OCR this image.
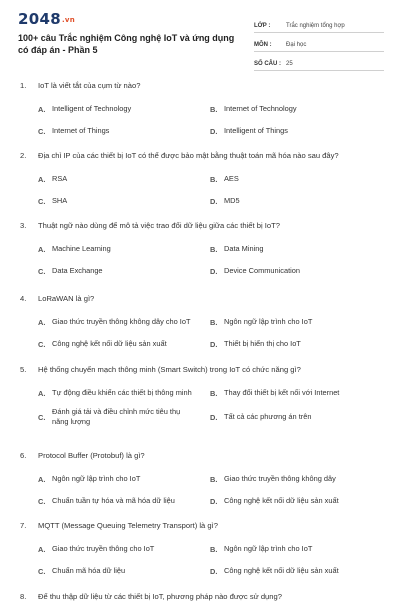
2048.vn
100+ câu Trắc nghiệm Công nghệ IoT và ứng dụng có đáp án - Phần 5
LỚP :	Trắc nghiệm tổng hợp
MÔN :	Đại học
SỐ CÂU : 25
1.	IoT là viết tắt của cụm từ nào?
A. Intelligent of Technology	B. Internet of Technology
C. Internet of Things	D. Intelligent of Things
2.	Địa chỉ IP của các thiết bị IoT có thể được bảo mật bằng thuật toán mã hóa nào sau đây?
A. RSA	B. AES
C. SHA	D. MD5
3.	Thuật ngữ nào dùng để mô tả việc trao đổi dữ liệu giữa các thiết bị IoT?
A. Machine Learning	B. Data Mining
C. Data Exchange	D. Device Communication
4.	LoRaWAN là gì?
A. Giao thức truyền thông không dây cho IoT	B. Ngôn ngữ lập trình cho IoT
C. Công nghệ kết nối dữ liệu sản xuất	D. Thiết bị hiển thị cho IoT
5.	Hệ thống chuyển mạch thông minh (Smart Switch) trong IoT có chức năng gì?
A. Tự động điều khiển các thiết bị thông minh B. Thay đổi thiết bị kết nối với Internet
C.
Đánh giá tải và điều chỉnh mức tiêu thụ năng lượng	D. Tất cả các phương án trên
6.	Protocol Buffer (Protobuf) là gì?
A. Ngôn ngữ lập trình cho IoT	B. Giao thức truyền thông không dây
C. Chuẩn tuần tự hóa và mã hóa dữ liệu	D. Công nghệ kết nối dữ liệu sản xuất
7.	MQTT (Message Queuing Telemetry Transport) là gì?
A. Giao thức truyền thông cho IoT	B. Ngôn ngữ lập trình cho IoT
C. Chuẩn mã hóa dữ liệu	D. Công nghệ kết nối dữ liệu sản xuất
8.	Để thu thập dữ liệu từ các thiết bị IoT, phương pháp nào được sử dụng?
